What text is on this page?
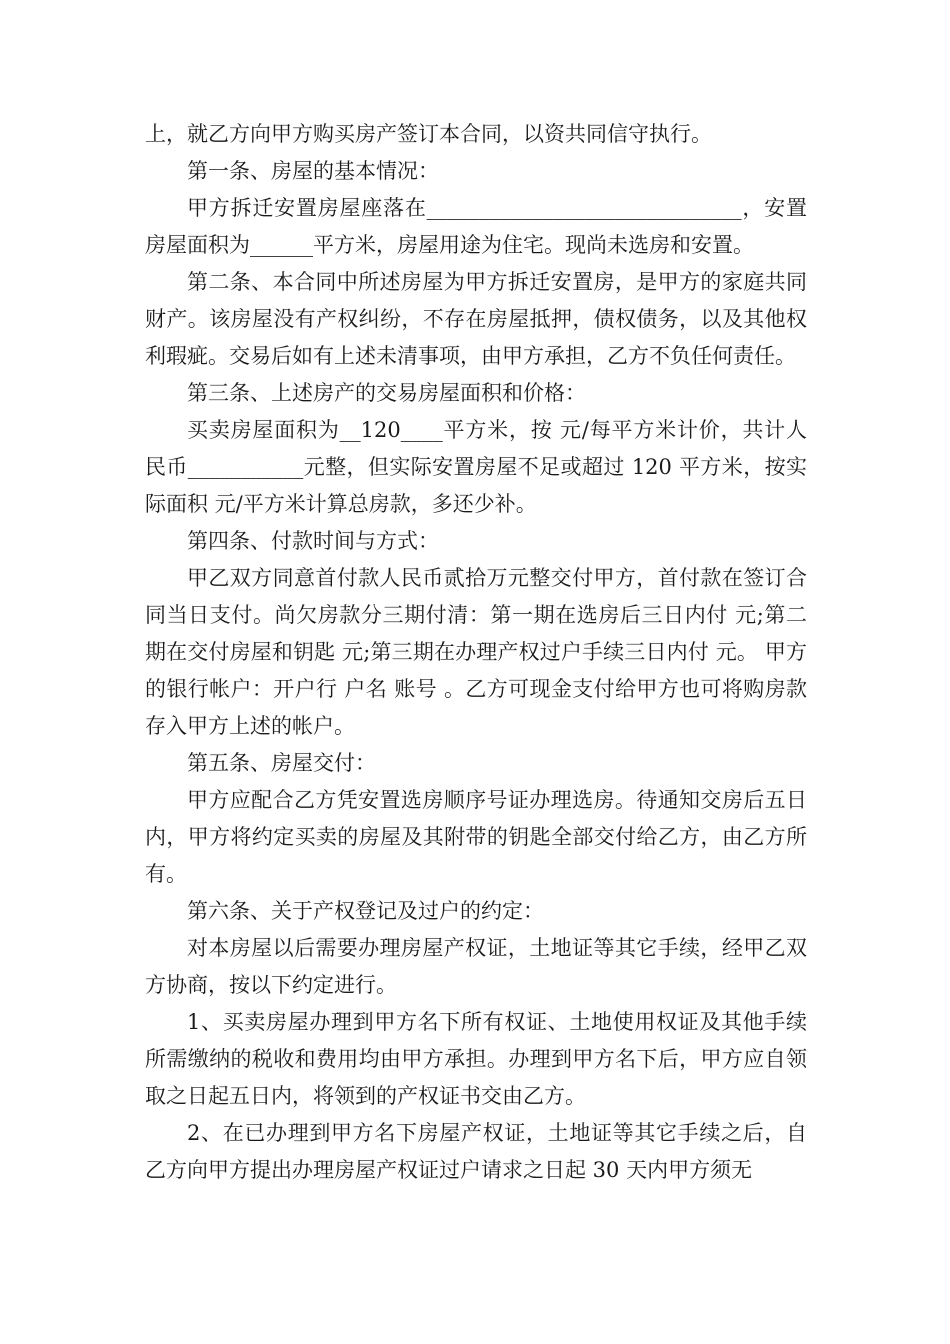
上，就乙方向甲方购买房产签订本合同，以资共同信守执行。

第一条、房屋的基本情况：

甲方拆迁安置房屋座落在______________________________，安置房屋面积为______平方米，房屋用途为住宅。现尚未选房和安置。

第二条、本合同中所述房屋为甲方拆迁安置房，是甲方的家庭共同财产。该房屋没有产权纠纷，不存在房屋抵押，债权债务，以及其他权利瑕疵。交易后如有上述未清事项，由甲方承担，乙方不负任何责任。

第三条、上述房产的交易房屋面积和价格：

买卖房屋面积为__120____平方米，按 元/每平方米计价，共计人民币___________元整，但实际安置房屋不足或超过 120 平方米，按实际面积 元/平方米计算总房款，多还少补。

第四条、付款时间与方式：

甲乙双方同意首付款人民币贰拾万元整交付甲方，首付款在签订合同当日支付。尚欠房款分三期付清：第一期在选房后三日内付 元;第二期在交付房屋和钥匙 元;第三期在办理产权过户手续三日内付 元。 甲方的银行帐户：开户行 户名 账号 。乙方可现金支付给甲方也可将购房款存入甲方上述的帐户。

第五条、房屋交付：

甲方应配合乙方凭安置选房顺序号证办理选房。待通知交房后五日内，甲方将约定买卖的房屋及其附带的钥匙全部交付给乙方，由乙方所有。

第六条、关于产权登记及过户的约定：

对本房屋以后需要办理房屋产权证，土地证等其它手续，经甲乙双方协商，按以下约定进行。

1、买卖房屋办理到甲方名下所有权证、土地使用权证及其他手续所需缴纳的税收和费用均由甲方承担。办理到甲方名下后，甲方应自领取之日起五日内，将领到的产权证书交由乙方。

2、在已办理到甲方名下房屋产权证，土地证等其它手续之后，自乙方向甲方提出办理房屋产权证过户请求之日起 30 天内甲方须无
